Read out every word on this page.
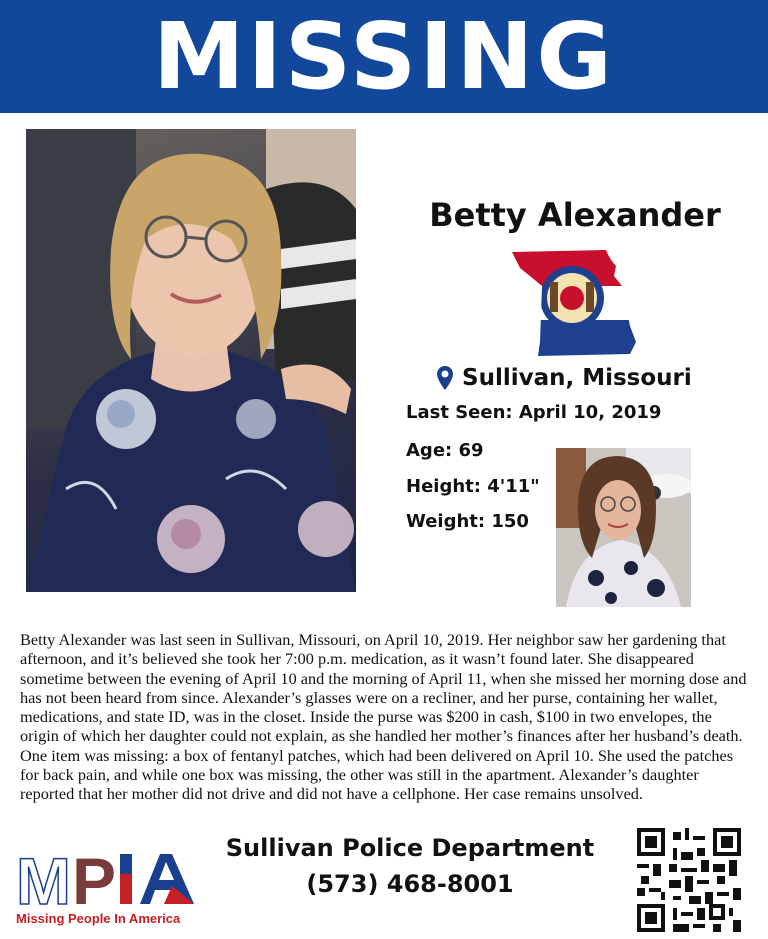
MISSING
Betty Alexander
Sullivan, Missouri
Last Seen: April 10, 2019
Age: 69
Height: 4'11"
Weight: 150

Betty Alexander was last seen in Sullivan, Missouri, on April 10, 2019. Her neighbor saw her gardening that afternoon, and it’s believed she took her 7:00 p.m. medication, as it wasn’t found later. She disappeared sometime between the evening of April 10 and the morning of April 11, when she missed her morning dose and has not been heard from since. Alexander’s glasses were on a recliner, and her purse, containing her wallet, medications, and state ID, was in the closet. Inside the purse was $200 in cash, $100 in two envelopes, the origin of which her daughter could not explain, as she handled her mother’s finances after her husband’s death. One item was missing: a box of fentanyl patches, which had been delivered on April 10. She used the patches for back pain, and while one box was missing, the other was still in the apartment. Alexander’s daughter reported that her mother did not drive and did not have a cellphone. Her case remains unsolved.

M P
Missing People In America
Sullivan Police Department
(573) 468-8001
